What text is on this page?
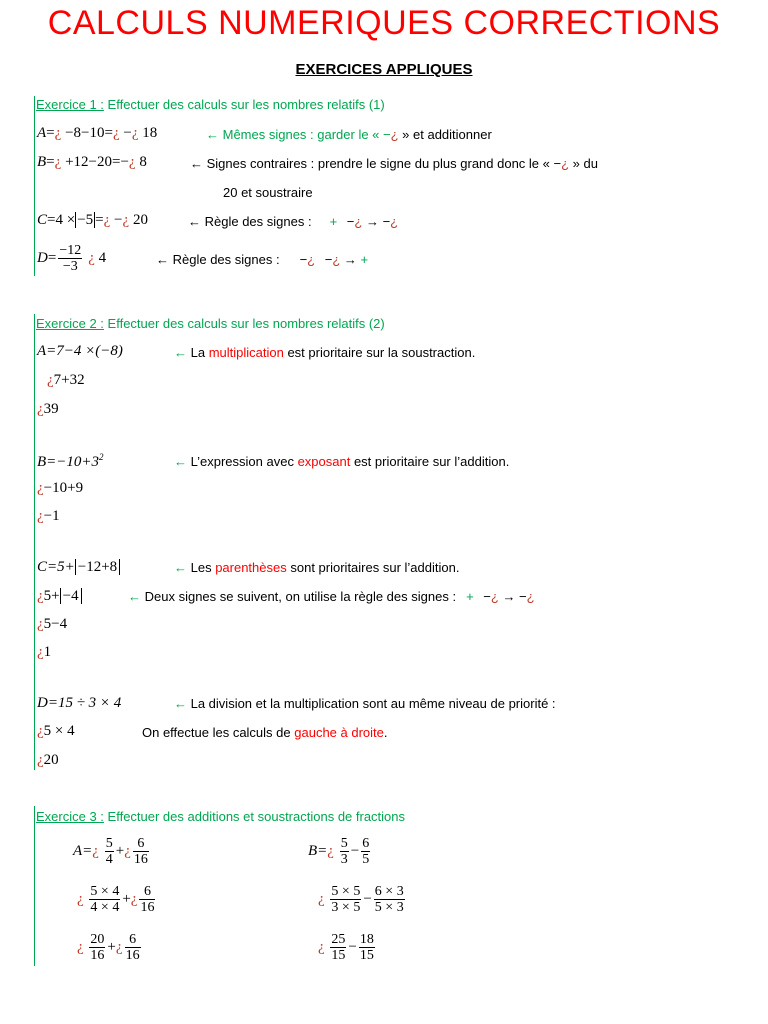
CALCULS NUMERIQUES CORRECTIONS
EXERCICES APPLIQUES
Exercice 1 : Effectuer des calculs sur les nombres relatifs (1)
A=¿ −8−10=¿ −¿ 18	← Mêmes signes : garder le « −¿ » et additionner
B=¿ +12−20=−¿ 8	← Signes contraires : prendre le signe du plus grand donc le « −¿ » du
20 et soustraire
C=4 × −5 =¿ −¿ 20	← Règle des signes : + −¿ → −¿
$D= \frac{-12}{-3}$ ¿ 4	← Règle des signes : −¿ −¿ → +
Exercice 2 : Effectuer des calculs sur les nombres relatifs (2)
A=7−4 ×(−8)	← La multiplication est prioritaire sur la soustraction.
¿7+32
¿39
$B=-10+3^2$	← L’expression avec exposant est prioritaire sur l’addition.
¿−10+9
¿−1
C=5+ −12+8	← Les parenthèses sont prioritaires sur l’addition.
¿5+ −4	← Deux signes se suivent, on utilise la règle des signes : + −¿ → −¿
¿5−4
¿1
D=15 ÷ 3 × 4	← La division et la multiplication sont au même niveau de priorité :
¿5 × 4	On effectue les calculs de gauche à droite.
¿20
Exercice 3 : Effectuer des additions et soustractions de fractions
A=¿ $\frac{5}{4}$ +¿ $\frac{6}{16}$
¿ $\frac{5 \times 4}{4 \times 4}$ +¿ $\frac{6}{16}$
¿ $\frac{20}{16}$ +¿ $\frac{6}{16}$
B=¿ $\frac{5}{3} - \frac{6}{5}$
¿ $\frac{5 \times 5}{3 \times 5} - \frac{6 \times 3}{5 \times 3}$
¿ $\frac{25}{15} - \frac{18}{15}$
